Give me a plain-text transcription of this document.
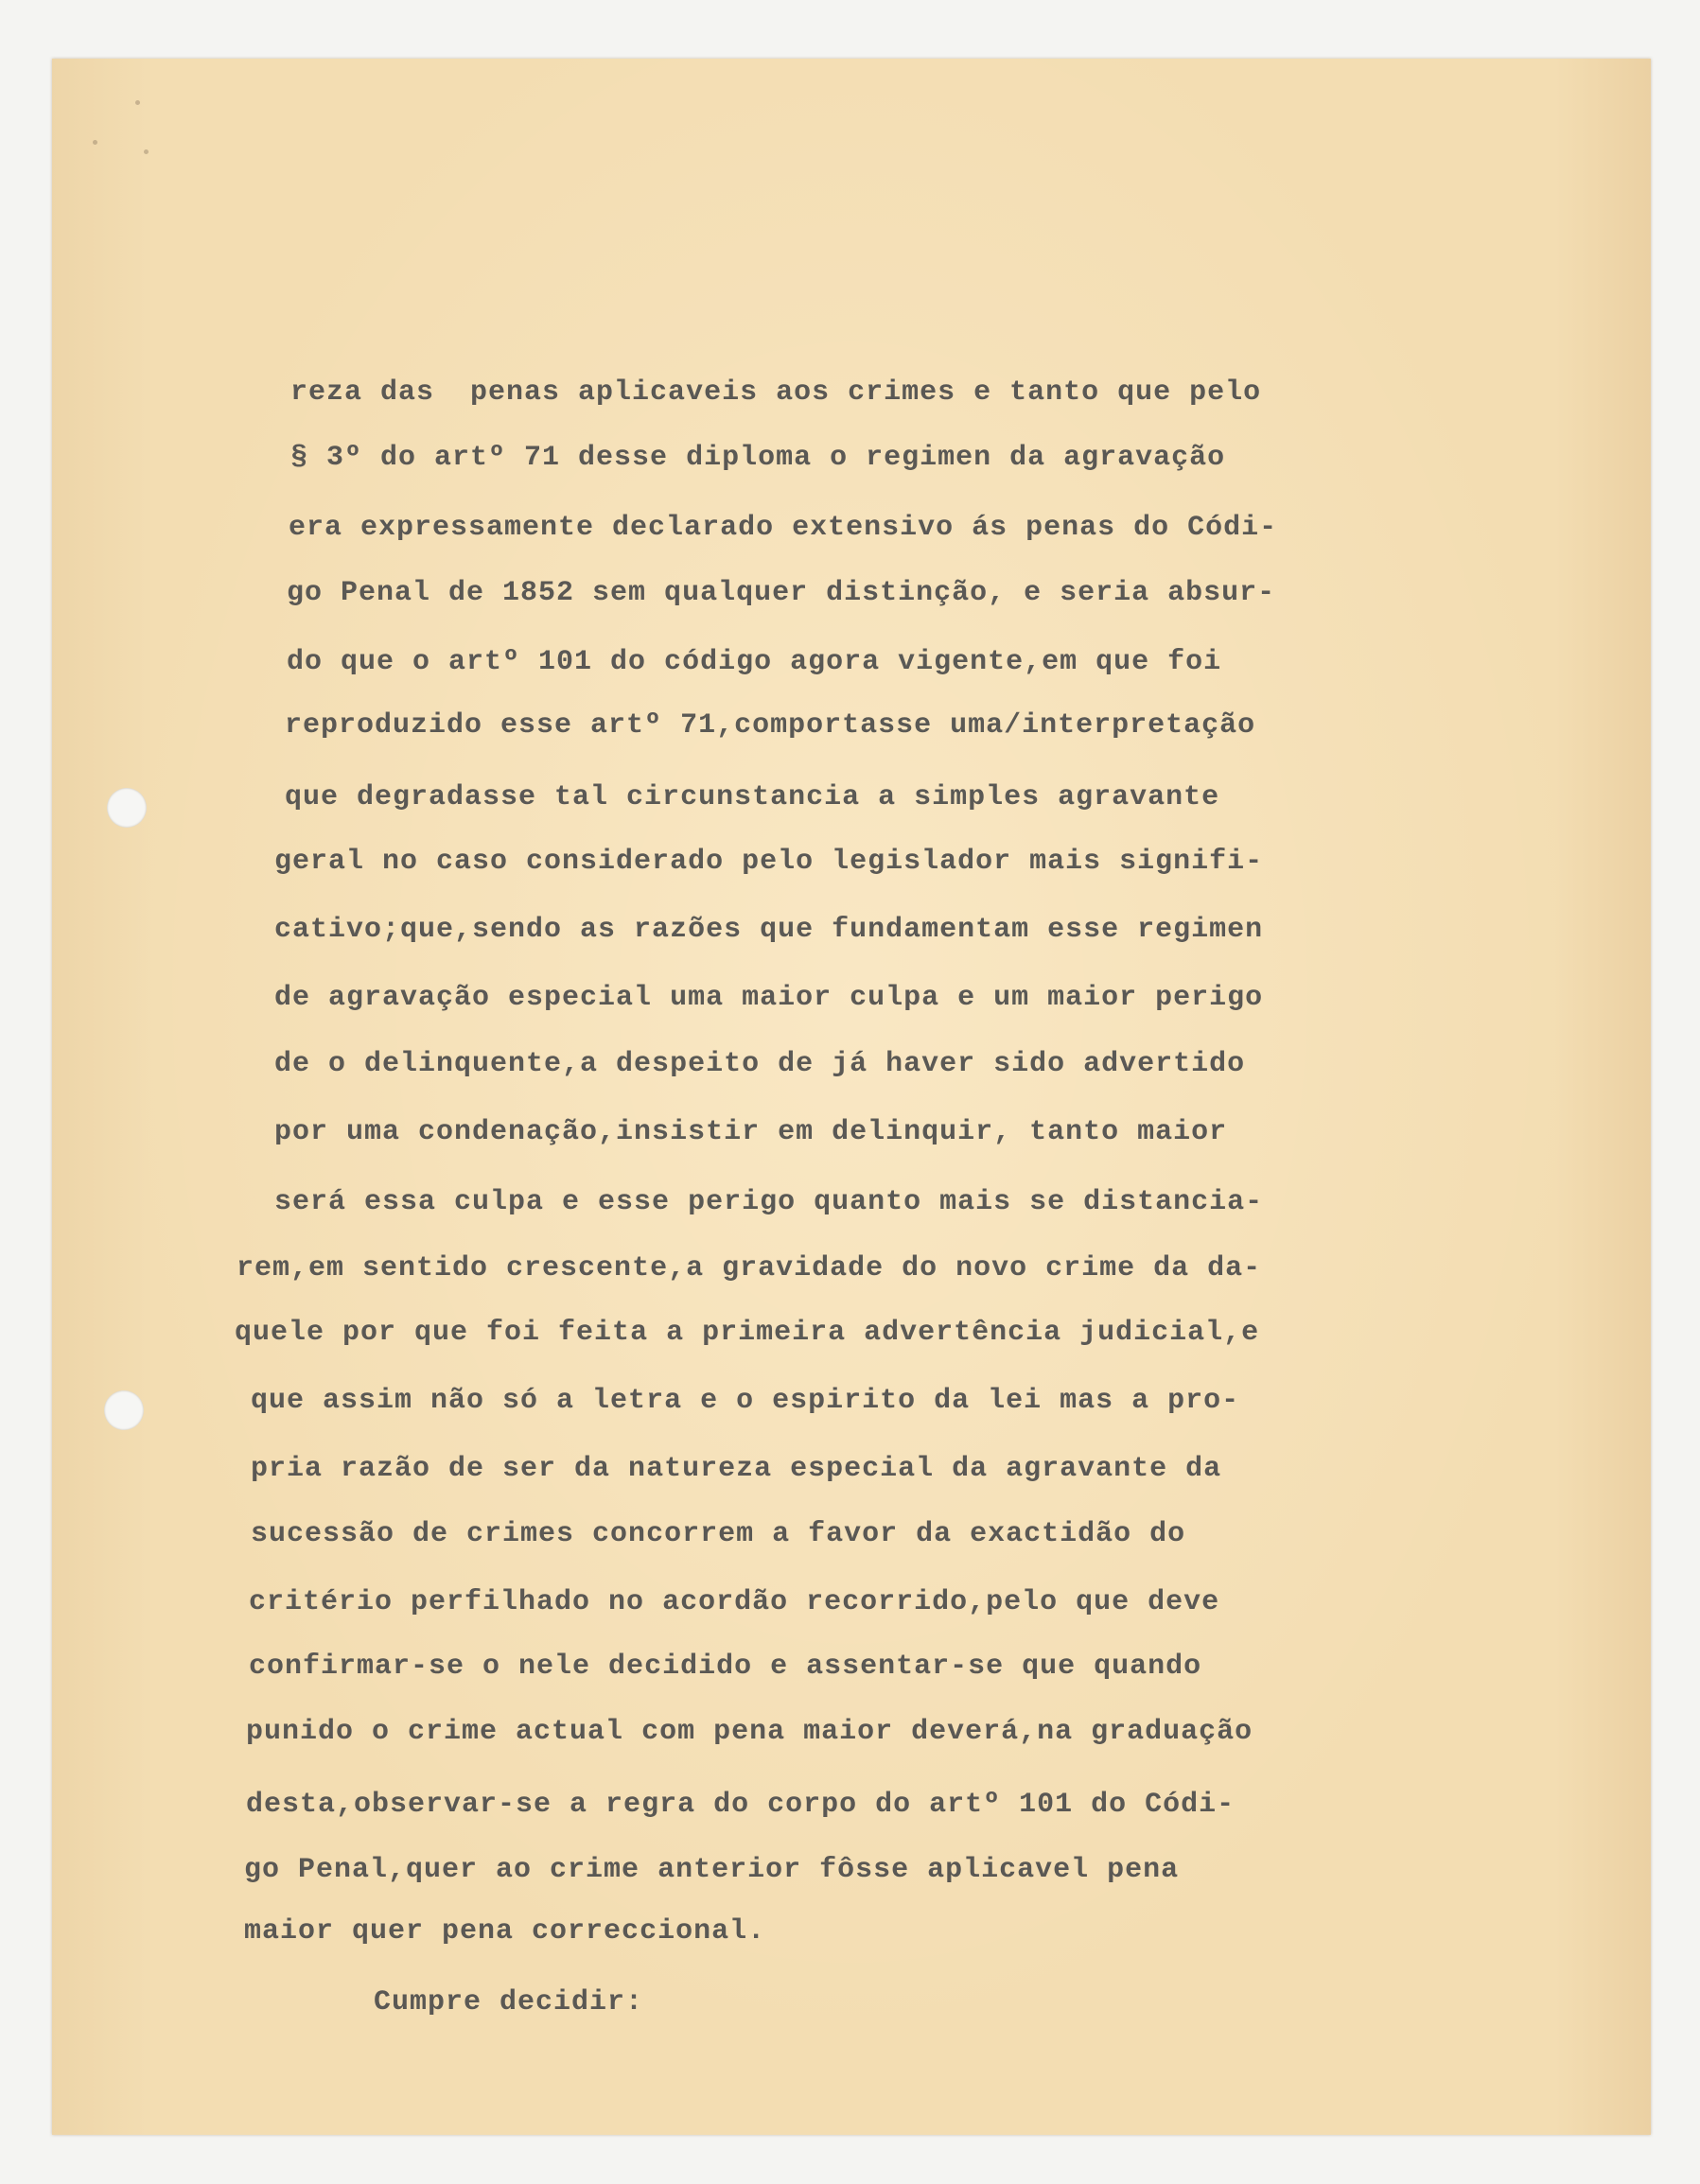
reza das  penas aplicaveis aos crimes e tanto que pelo
§ 3º do artº 71 desse diploma o regimen da agravação
era expressamente declarado extensivo ás penas do Códi-
go Penal de 1852 sem qualquer distinção, e seria absur-
do que o artº 101 do código agora vigente,em que foi
reproduzido esse artº 71,comportasse uma/interpretação
que degradasse tal circunstancia a simples agravante
geral no caso considerado pelo legislador mais signifi-
cativo;que,sendo as razões que fundamentam esse regimen
de agravação especial uma maior culpa e um maior perigo
de o delinquente,a despeito de já haver sido advertido
por uma condenação,insistir em delinquir, tanto maior
será essa culpa e esse perigo quanto mais se distancia-
rem,em sentido crescente,a gravidade do novo crime da da-
quele por que foi feita a primeira advertência judicial,e
que assim não só a letra e o espirito da lei mas a pro-
pria razão de ser da natureza especial da agravante da
sucessão de crimes concorrem a favor da exactidão do
critério perfilhado no acordão recorrido,pelo que deve
confirmar-se o nele decidido e assentar-se que quando
punido o crime actual com pena maior deverá,na graduação
desta,observar-se a regra do corpo do artº 101 do Códi-
go Penal,quer ao crime anterior fôsse aplicavel pena
maior quer pena correccional.
Cumpre decidir:
